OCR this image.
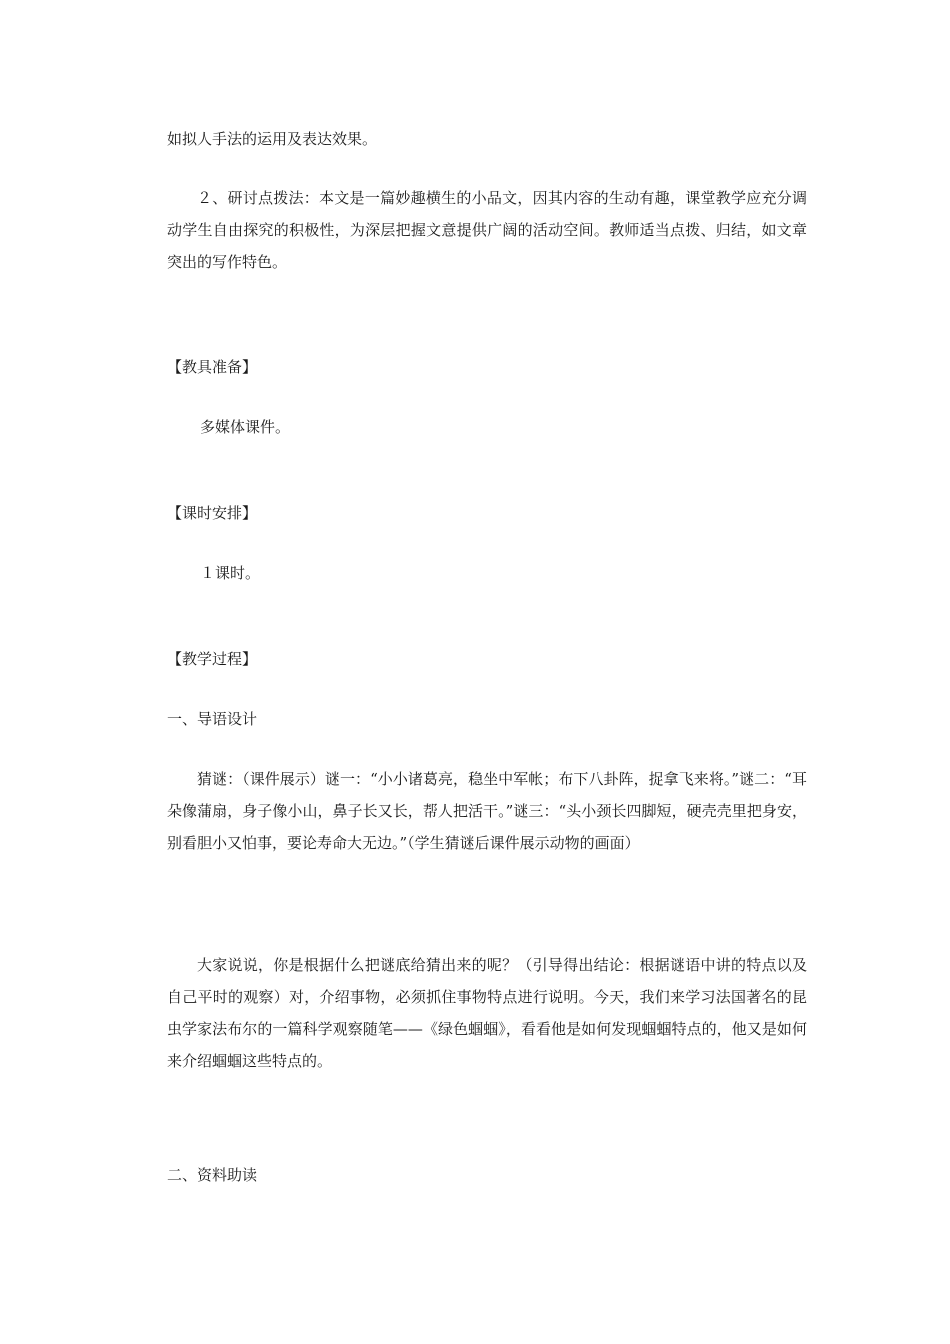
如拟人手法的运用及表达效果。
２、研讨点拨法：本文是一篇妙趣横生的小品文，因其内容的生动有趣，课堂教学应充分调动学生自由探究的积极性，为深层把握文意提供广阔的活动空间。教师适当点拨、归结，如文章突出的写作特色。
【教具准备】
多媒体课件。
【课时安排】
１课时。
【教学过程】
一、导语设计
猜谜：（课件展示）谜一：“小小诸葛亮，稳坐中军帐；布下八卦阵，捉拿飞来将。”谜二：“耳朵像蒲扇，身子像小山，鼻子长又长，帮人把活干。”谜三：“头小颈长四脚短，硬壳壳里把身安，别看胆小又怕事，要论寿命大无边。”（学生猜谜后课件展示动物的画面）
大家说说，你是根据什么把谜底给猜出来的呢？（引导得出结论：根据谜语中讲的特点以及自己平时的观察）对，介绍事物，必须抓住事物特点进行说明。今天，我们来学习法国著名的昆虫学家法布尔的一篇科学观察随笔——《绿色蝈蝈》，看看他是如何发现蝈蝈特点的，他又是如何来介绍蝈蝈这些特点的。
二、资料助读
